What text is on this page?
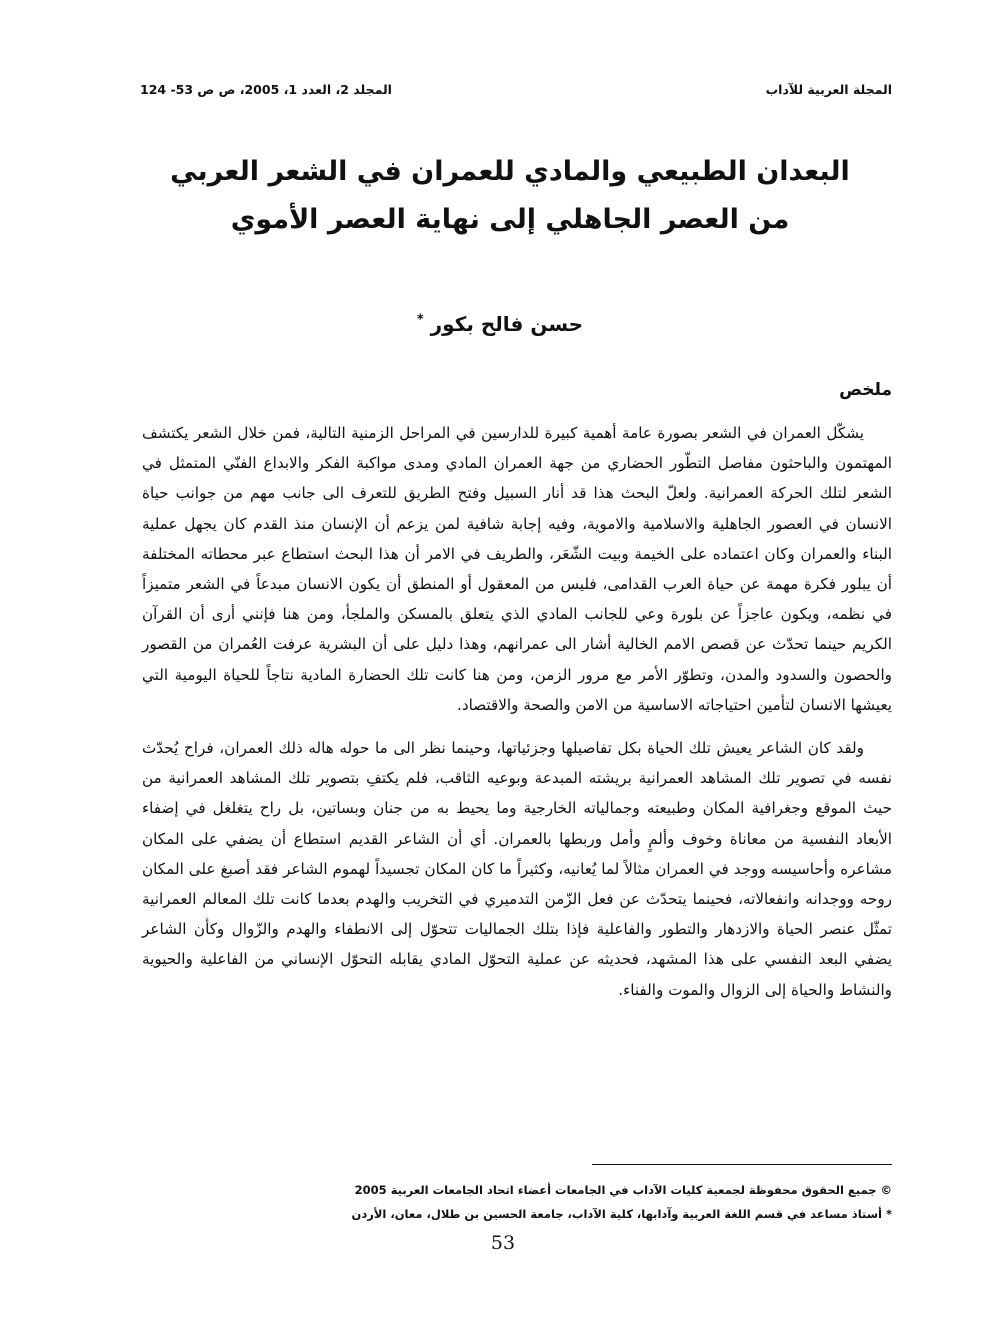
المجلة العربية للآداب
المجلد 2، العدد 1، 2005، ص ص 53- 124
البعدان الطبيعي والمادي للعمران في الشعر العربي
من العصر الجاهلي إلى نهاية العصر الأموي
حسن فالح بكور *
ملخص

يشكّل العمران في الشعر بصورة عامة أهمية كبيرة للدارسين في المراحل الزمنية التالية، فمن خلال الشعر يكتشف المهتمون والباحثون مفاصل التطّور الحضاري من جهة العمران المادي ومدى مواكبة الفكر والابداع الفنّي المتمثل في الشعر لتلك الحركة العمرانية. ولعلّ البحث هذا قد أنار السبيل وفتح الطريق للتعرف الى جانب مهم من جوانب حياة الانسان في العصور الجاهلية والاسلامية والاموية، وفيه إجابة شافية لمن يزعم أن الإنسان منذ القدم كان يجهل عملية البناء والعمران وكان اعتماده على الخيمة وبيت الشّعَر، والطريف في الامر أن هذا البحث استطاع عبر محطاته المختلفة أن يبلور فكرة مهمة عن حياة العرب القدامى، فليس من المعقول أو المنطق أن يكون الانسان مبدعاً في الشعر متميزاً في نظمه، ويكون عاجزاً عن بلورة وعي للجانب المادي الذي يتعلق بالمسكن والملجأ، ومن هنا فإنني أرى أن القرآن الكريم حينما تحدّث عن قصص الامم الخالية أشار الى عمرانهم، وهذا دليل على أن البشرية عرفت العُمران من القصور والحصون والسدود والمدن، وتطوّر الأمر مع مرور الزمن، ومن هنا كانت تلك الحضارة المادية نتاجاً للحياة اليومية التي يعيشها الانسان لتأمين احتياجاته الاساسية من الامن والصحة والاقتصاد.

ولقد كان الشاعر يعيش تلك الحياة بكل تفاصيلها وجزئياتها، وحينما نظر الى ما حوله هاله ذلك العمران، فراح يُحدّث نفسه في تصوير تلك المشاهد العمرانية بريشته المبدعة وبوعيه الثاقب، فلم يكتفِ بتصوير تلك المشاهد العمرانية من حيث الموقع وجغرافية المكان وطبيعته وجمالياته الخارجية وما يحيط به من جنان وبساتين، بل راح يتغلغل في إضفاء الأبعاد النفسية من معاناة وخوف وألمٍ وأمل وربطها بالعمران. أي أن الشاعر القديم استطاع أن يضفي على المكان مشاعره وأحاسيسه ووجد في العمران مثالاً لما يُعانيه، وكثيراً ما كان المكان تجسيداً لهموم الشاعر فقد أصبغ على المكان روحه ووجدانه وانفعالاته، فحينما يتحدّث عن فعل الزّمن التدميري في التخريب والهدم بعدما كانت تلك المعالم العمرانية تمثّل عنصر الحياة والازدهار والتطور والفاعلية فإذا بتلك الجماليات تتحوّل إلى الانطفاء والهدم والزّوال وكأن الشاعر يضفي البعد النفسي على هذا المشهد، فحديثه عن عملية التحوّل المادي يقابله التحوّل الإنساني من الفاعلية والحيوية والنشاط والحياة إلى الزوال والموت والفناء.

© جميع الحقوق محفوظة لجمعية كليات الآداب في الجامعات أعضاء اتحاد الجامعات العربية 2005
* أستاذ مساعد في قسم اللغة العربية وآدابها، كلية الآداب، جامعة الحسين بن طلال، معان، الأردن
53
